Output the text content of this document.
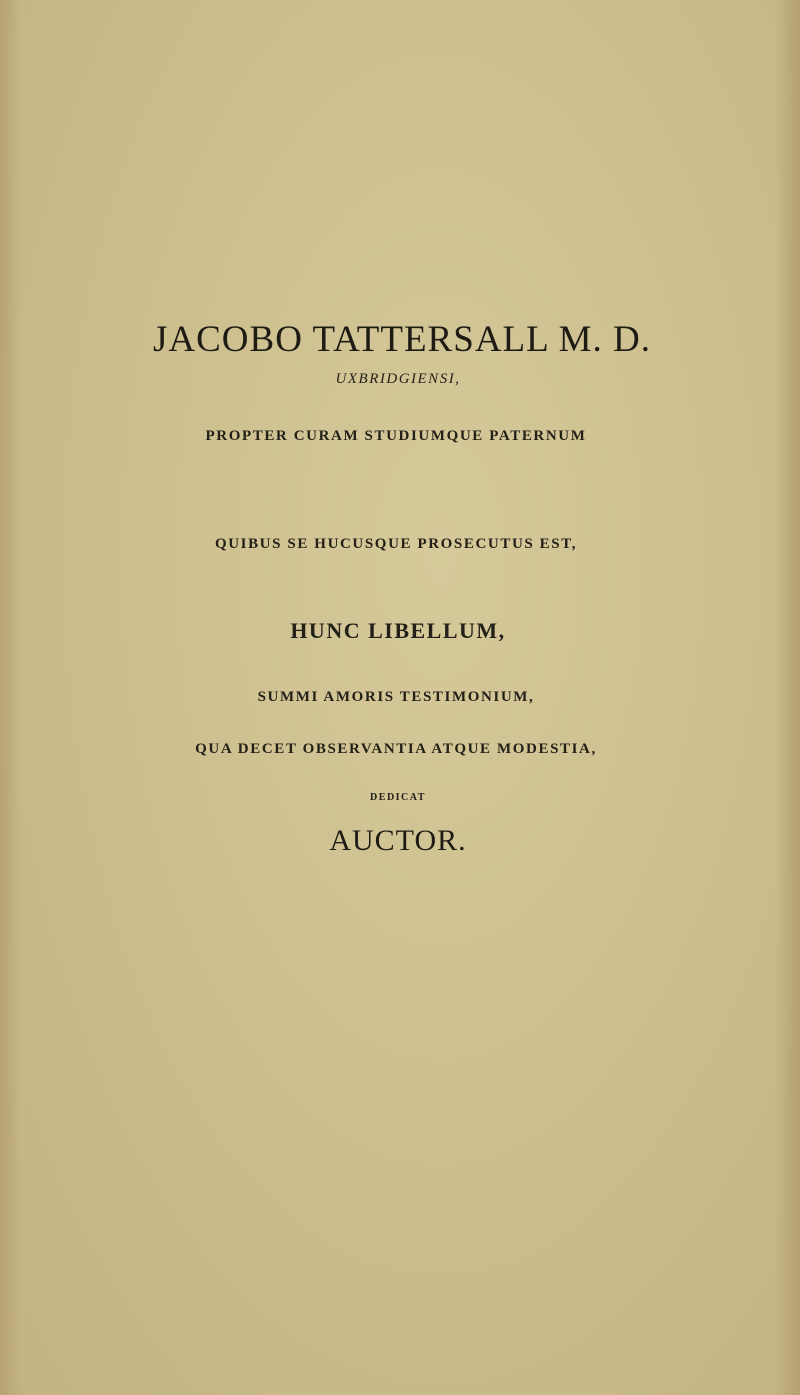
JACOBO TATTERSALL M. D.
UXBRIDGIENSI,
PROPTER CURAM STUDIUMQUE PATERNUM
QUIBUS SE HUCUSQUE PROSECUTUS EST,
HUNC LIBELLUM,
SUMMI AMORIS TESTIMONIUM,
QUA DECET OBSERVANTIA ATQUE MODESTIA,
DEDICAT
AUCTOR.
